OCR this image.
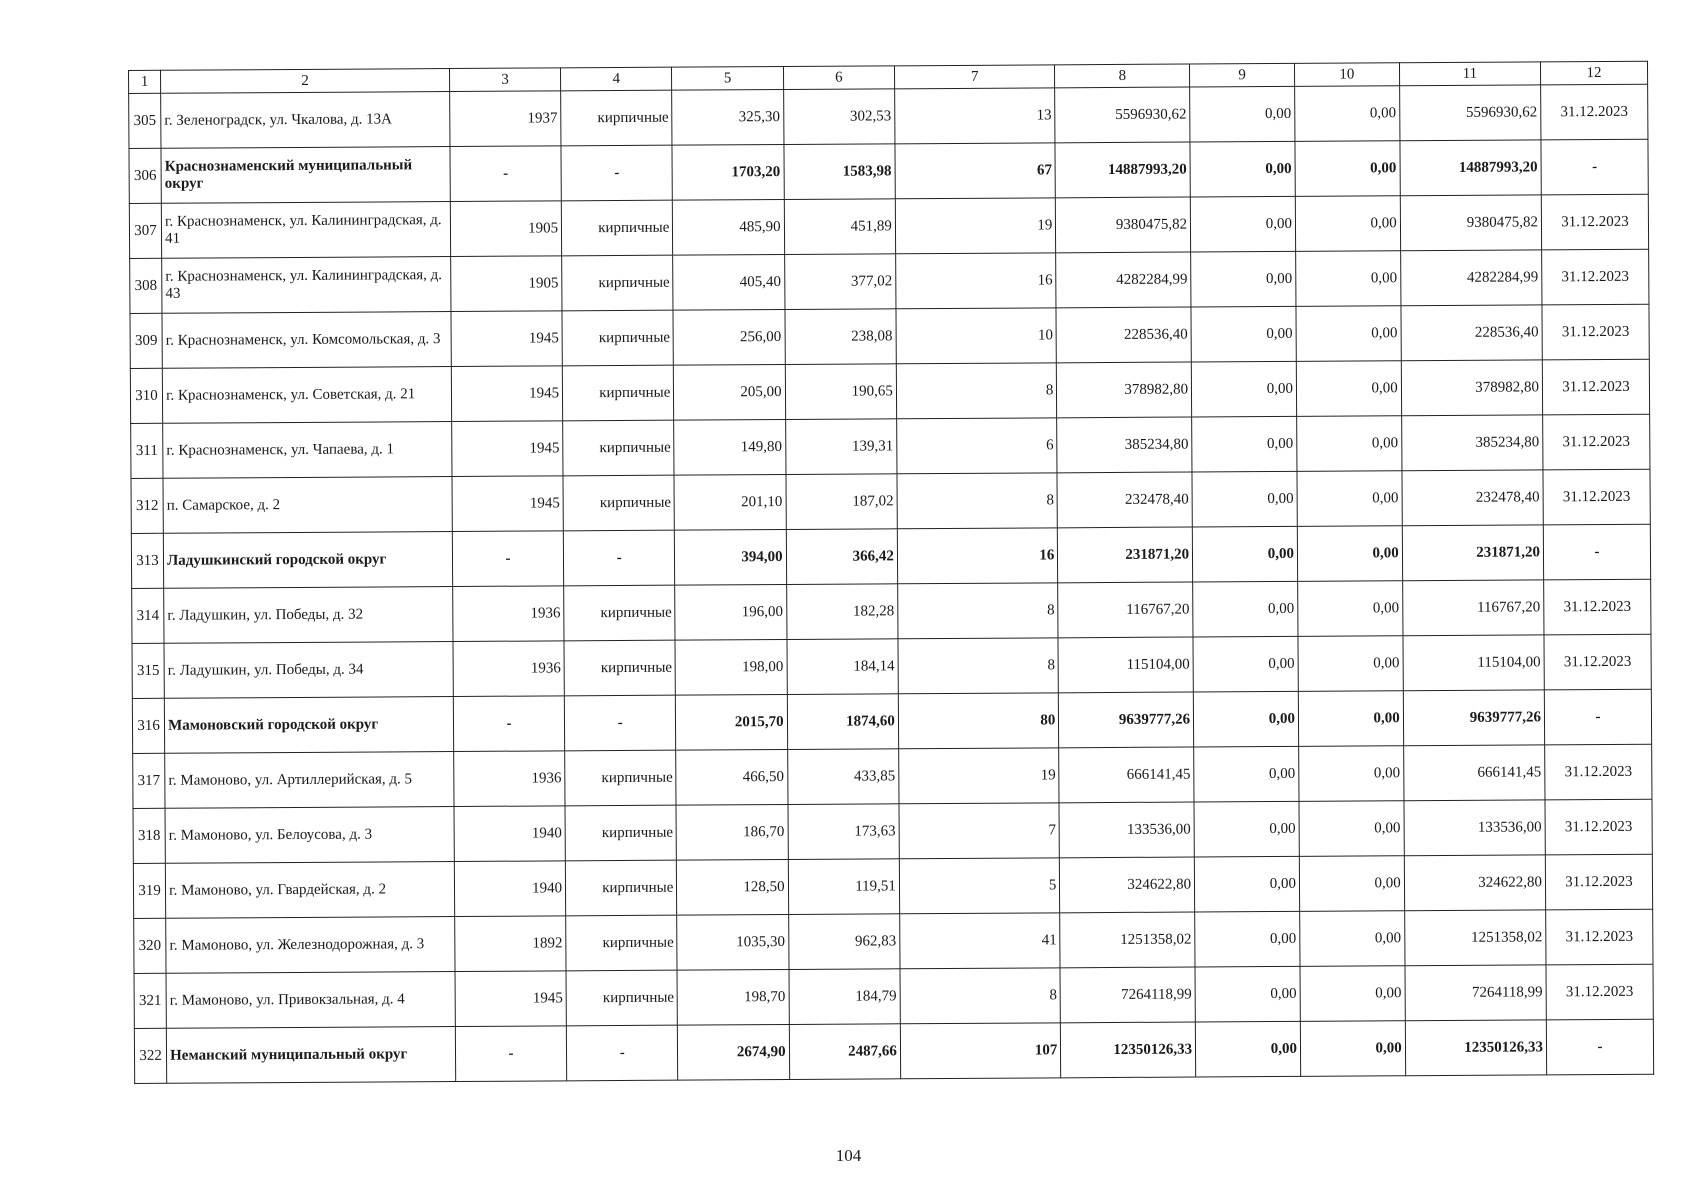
1	2	3	4	5	6	7	8	9	10	11	12
305	г. Зеленоградск, ул. Чкалова, д. 13А	1937	кирпичные	325,30	302,53	13	5596930,62	0,00	0,00	5596930,62	31.12.2023
306	Краснознаменский муниципальный округ	-	-	1703,20	1583,98	67	14887993,20	0,00	0,00	14887993,20	-
307	г. Краснознаменск, ул. Калининградская, д. 41	1905	кирпичные	485,90	451,89	19	9380475,82	0,00	0,00	9380475,82	31.12.2023
308	г. Краснознаменск, ул. Калининградская, д. 43	1905	кирпичные	405,40	377,02	16	4282284,99	0,00	0,00	4282284,99	31.12.2023
309	г. Краснознаменск, ул. Комсомольская, д. 3	1945	кирпичные	256,00	238,08	10	228536,40	0,00	0,00	228536,40	31.12.2023
310	г. Краснознаменск, ул. Советская, д. 21	1945	кирпичные	205,00	190,65	8	378982,80	0,00	0,00	378982,80	31.12.2023
311	г. Краснознаменск, ул. Чапаева, д. 1	1945	кирпичные	149,80	139,31	6	385234,80	0,00	0,00	385234,80	31.12.2023
312	п. Самарское, д. 2	1945	кирпичные	201,10	187,02	8	232478,40	0,00	0,00	232478,40	31.12.2023
313	Ладушкинский городской округ	-	-	394,00	366,42	16	231871,20	0,00	0,00	231871,20	-
314	г. Ладушкин, ул. Победы, д. 32	1936	кирпичные	196,00	182,28	8	116767,20	0,00	0,00	116767,20	31.12.2023
315	г. Ладушкин, ул. Победы, д. 34	1936	кирпичные	198,00	184,14	8	115104,00	0,00	0,00	115104,00	31.12.2023
316	Мамоновский городской округ	-	-	2015,70	1874,60	80	9639777,26	0,00	0,00	9639777,26	-
317	г. Мамоново, ул. Артиллерийская, д. 5	1936	кирпичные	466,50	433,85	19	666141,45	0,00	0,00	666141,45	31.12.2023
318	г. Мамоново, ул. Белоусова, д. 3	1940	кирпичные	186,70	173,63	7	133536,00	0,00	0,00	133536,00	31.12.2023
319	г. Мамоново, ул. Гвардейская, д. 2	1940	кирпичные	128,50	119,51	5	324622,80	0,00	0,00	324622,80	31.12.2023
320	г. Мамоново, ул. Железнодорожная, д. 3	1892	кирпичные	1035,30	962,83	41	1251358,02	0,00	0,00	1251358,02	31.12.2023
321	г. Мамоново, ул. Привокзальная, д. 4	1945	кирпичные	198,70	184,79	8	7264118,99	0,00	0,00	7264118,99	31.12.2023
322	Неманский муниципальный округ	-	-	2674,90	2487,66	107	12350126,33	0,00	0,00	12350126,33	-
104
